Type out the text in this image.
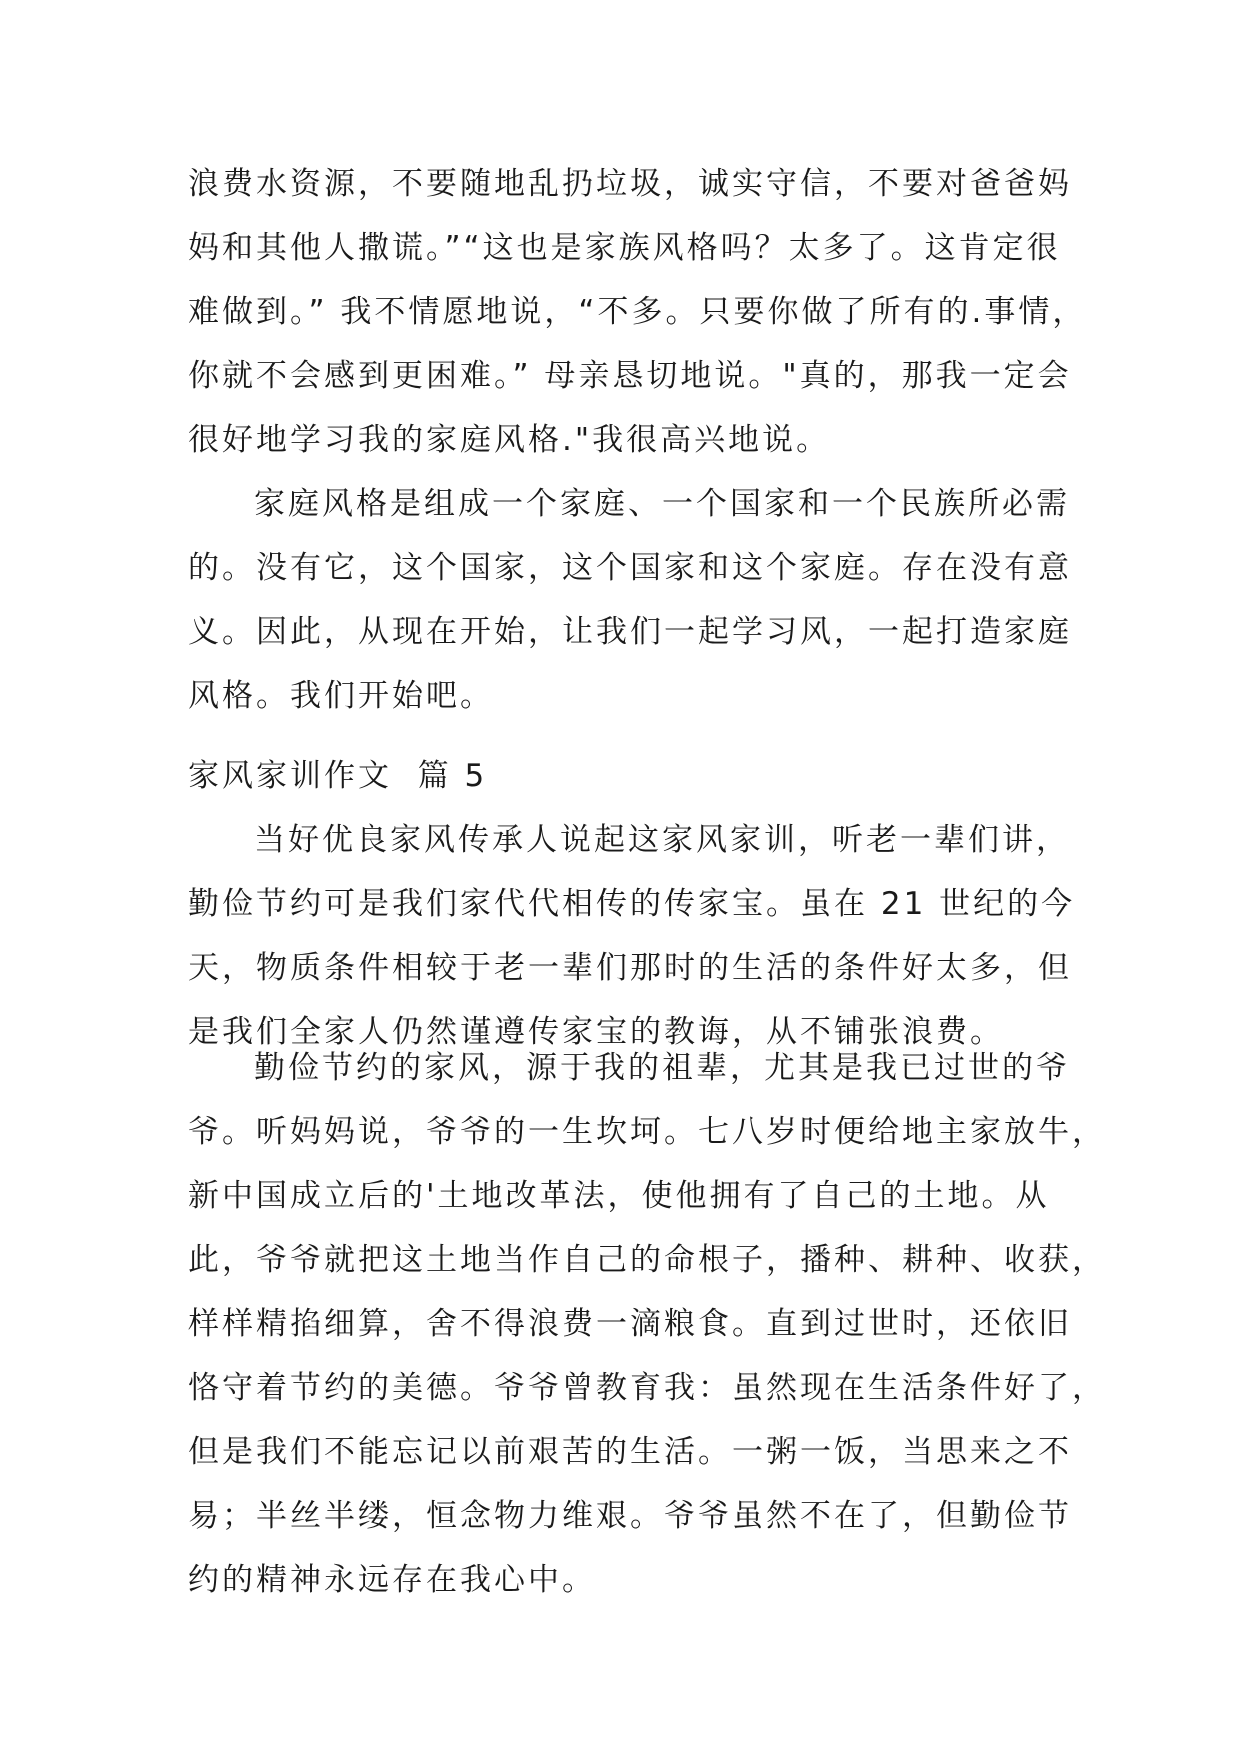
浪费水资源，不要随地乱扔垃圾，诚实守信，不要对爸爸妈
妈和其他人撒谎。”“这也是家族风格吗？太多了。这肯定很
难做到。” 我不情愿地说，“不多。只要你做了所有的.事情，
你就不会感到更困难。” 母亲恳切地说。"真的，那我一定会
很好地学习我的家庭风格."我很高兴地说。
家庭风格是组成一个家庭、一个国家和一个民族所必需
的。没有它，这个国家，这个国家和这个家庭。存在没有意
义。因此，从现在开始，让我们一起学习风，一起打造家庭
风格。我们开始吧。
家风家训作文  篇 5
当好优良家风传承人说起这家风家训，听老一辈们讲，
勤俭节约可是我们家代代相传的传家宝。虽在 21 世纪的今
天，物质条件相较于老一辈们那时的生活的条件好太多，但
是我们全家人仍然谨遵传家宝的教诲，从不铺张浪费。
勤俭节约的家风，源于我的祖辈，尤其是我已过世的爷
爷。听妈妈说，爷爷的一生坎坷。七八岁时便给地主家放牛，
新中国成立后的'土地改革法，使他拥有了自己的土地。从
此，爷爷就把这土地当作自己的命根子，播种、耕种、收获，
样样精掐细算，舍不得浪费一滴粮食。直到过世时，还依旧
恪守着节约的美德。爷爷曾教育我：虽然现在生活条件好了，
但是我们不能忘记以前艰苦的生活。一粥一饭，当思来之不
易；半丝半缕，恒念物力维艰。爷爷虽然不在了，但勤俭节
约的精神永远存在我心中。
